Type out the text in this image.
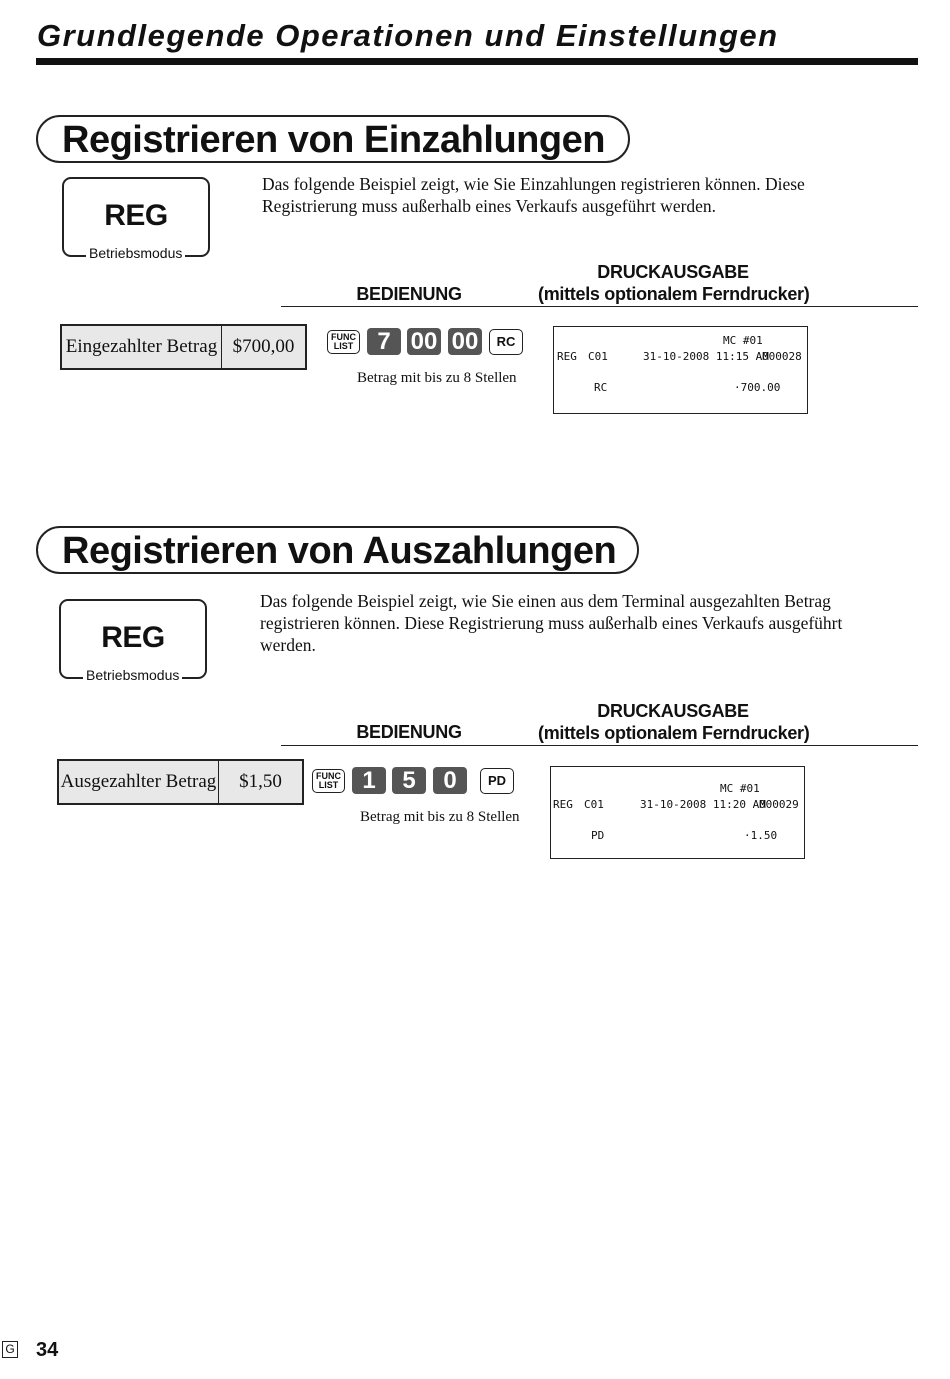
Grundlegende Operationen und Einstellungen
Registrieren von Einzahlungen
REG
Betriebsmodus

Das folgende Beispiel zeigt, wie Sie Einzahlungen registrieren können. Diese

Registrierung muss außerhalb eines Verkaufs ausgeführt werden.

DRUCKAUSGABE
(mittels optionalem Ferndrucker)
BEDIENUNG
Eingezahlter Betrag $700,00	FUNC
LIST	7 00 00	RC
Betrag mit bis zu 8 Stellen
MC #01
REG C01	31-10-2008 11:15 AM
000028
RC	·700.00
Registrieren von Auszahlungen
REG
Betriebsmodus

Das folgende Beispiel zeigt, wie Sie einen aus dem Terminal ausgezahlten Betrag

registrieren können. Diese Registrierung muss außerhalb eines Verkaufs ausgeführt

werden.

DRUCKAUSGABE
(mittels optionalem Ferndrucker)
BEDIENUNG
Ausgezahlter Betrag	$1,50	FUNC
LIST	1	5	0	PD
Betrag mit bis zu 8 Stellen
MC #01
REG C01	31-10-2008 11:20 AM
000029
PD	·1.50
G 34
